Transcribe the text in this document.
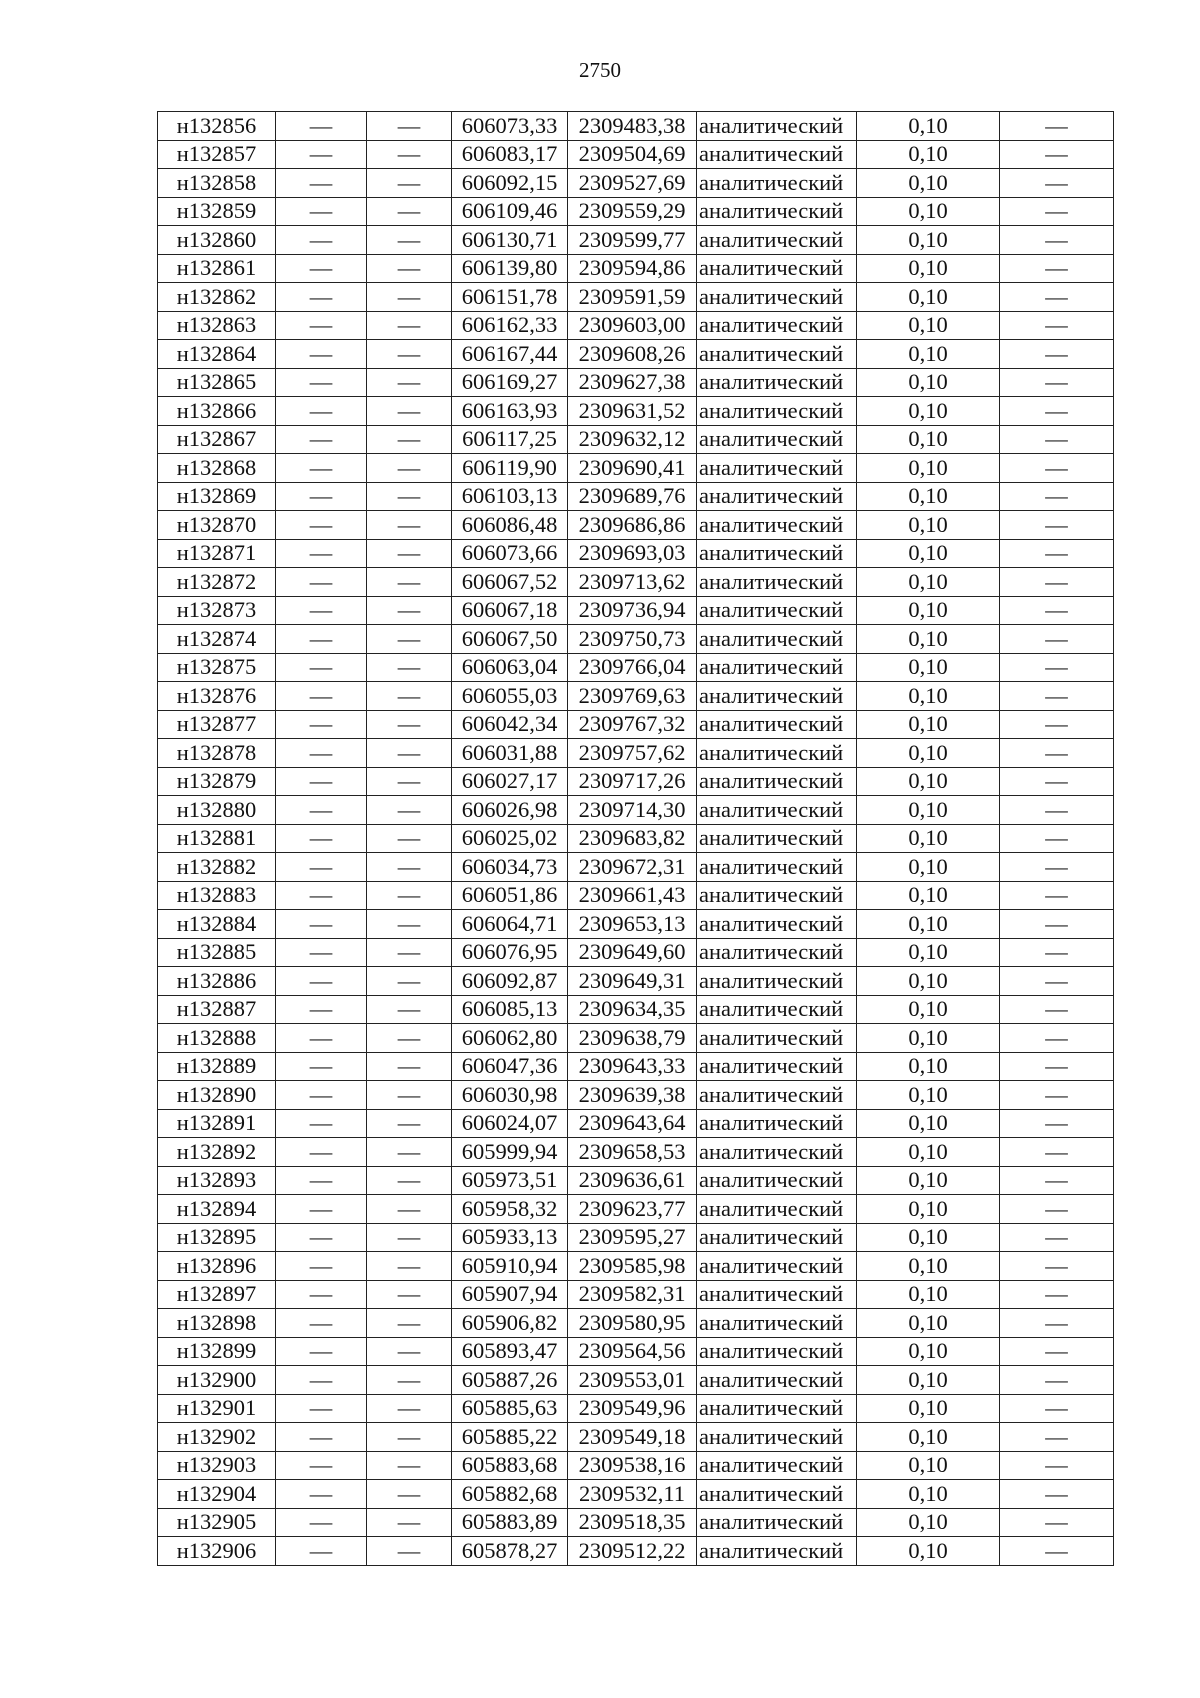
2750
н132856	—	—	606073,33	2309483,38	аналитический	0,10	—
н132857	—	—	606083,17	2309504,69	аналитический	0,10	—
н132858	—	—	606092,15	2309527,69	аналитический	0,10	—
н132859	—	—	606109,46	2309559,29	аналитический	0,10	—
н132860	—	—	606130,71	2309599,77	аналитический	0,10	—
н132861	—	—	606139,80	2309594,86	аналитический	0,10	—
н132862	—	—	606151,78	2309591,59	аналитический	0,10	—
н132863	—	—	606162,33	2309603,00	аналитический	0,10	—
н132864	—	—	606167,44	2309608,26	аналитический	0,10	—
н132865	—	—	606169,27	2309627,38	аналитический	0,10	—
н132866	—	—	606163,93	2309631,52	аналитический	0,10	—
н132867	—	—	606117,25	2309632,12	аналитический	0,10	—
н132868	—	—	606119,90	2309690,41	аналитический	0,10	—
н132869	—	—	606103,13	2309689,76	аналитический	0,10	—
н132870	—	—	606086,48	2309686,86	аналитический	0,10	—
н132871	—	—	606073,66	2309693,03	аналитический	0,10	—
н132872	—	—	606067,52	2309713,62	аналитический	0,10	—
н132873	—	—	606067,18	2309736,94	аналитический	0,10	—
н132874	—	—	606067,50	2309750,73	аналитический	0,10	—
н132875	—	—	606063,04	2309766,04	аналитический	0,10	—
н132876	—	—	606055,03	2309769,63	аналитический	0,10	—
н132877	—	—	606042,34	2309767,32	аналитический	0,10	—
н132878	—	—	606031,88	2309757,62	аналитический	0,10	—
н132879	—	—	606027,17	2309717,26	аналитический	0,10	—
н132880	—	—	606026,98	2309714,30	аналитический	0,10	—
н132881	—	—	606025,02	2309683,82	аналитический	0,10	—
н132882	—	—	606034,73	2309672,31	аналитический	0,10	—
н132883	—	—	606051,86	2309661,43	аналитический	0,10	—
н132884	—	—	606064,71	2309653,13	аналитический	0,10	—
н132885	—	—	606076,95	2309649,60	аналитический	0,10	—
н132886	—	—	606092,87	2309649,31	аналитический	0,10	—
н132887	—	—	606085,13	2309634,35	аналитический	0,10	—
н132888	—	—	606062,80	2309638,79	аналитический	0,10	—
н132889	—	—	606047,36	2309643,33	аналитический	0,10	—
н132890	—	—	606030,98	2309639,38	аналитический	0,10	—
н132891	—	—	606024,07	2309643,64	аналитический	0,10	—
н132892	—	—	605999,94	2309658,53	аналитический	0,10	—
н132893	—	—	605973,51	2309636,61	аналитический	0,10	—
н132894	—	—	605958,32	2309623,77	аналитический	0,10	—
н132895	—	—	605933,13	2309595,27	аналитический	0,10	—
н132896	—	—	605910,94	2309585,98	аналитический	0,10	—
н132897	—	—	605907,94	2309582,31	аналитический	0,10	—
н132898	—	—	605906,82	2309580,95	аналитический	0,10	—
н132899	—	—	605893,47	2309564,56	аналитический	0,10	—
н132900	—	—	605887,26	2309553,01	аналитический	0,10	—
н132901	—	—	605885,63	2309549,96	аналитический	0,10	—
н132902	—	—	605885,22	2309549,18	аналитический	0,10	—
н132903	—	—	605883,68	2309538,16	аналитический	0,10	—
н132904	—	—	605882,68	2309532,11	аналитический	0,10	—
н132905	—	—	605883,89	2309518,35	аналитический	0,10	—
н132906	—	—	605878,27	2309512,22	аналитический	0,10	—
